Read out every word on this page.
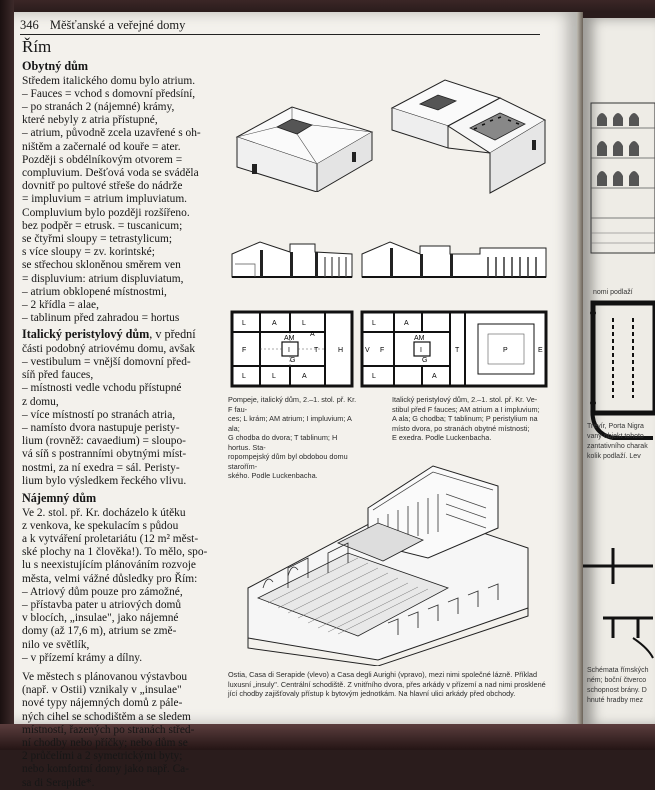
nomi podlaží
Trevír, Porta Nigra
vaný objekt tohoto
zantativního charak
kolik podlaží. Lev
Schémata římských
ném; boční čtverco
schopnost brány. D
hnuté hradby mez
346 Měšťanské a veřejné domy
Řím
Obytný dům
Středem italického domu bylo atrium.
– Fauces = vchod s domovní předsíní,
– po stranách 2 (nájemné) krámy,
které nebyly z atria přístupné,
– atrium, původně zcela uzavřené s oh-
ništěm a začernalé od kouře = ater.
Později s obdélníkovým otvorem =
compluvium. Dešťová voda se sváděla
dovnitř po pultové střeše do nádrže
= impluvium = atrium impluviatum.
Compluvium bylo později rozšířeno.
bez podpěr = etrusk. = tuscanicum;
se čtyřmi sloupy = tetrastylicum;
s více sloupy = zv. korintské;
se střechou skloněnou směrem ven
= displuvium: atrium displuviatum,
– atrium obklopené místnostmi,
– 2 křídla = alae,
– tablinum před zahradou = hortus
Italický peristylový dům, v přední
části podobný atriovému domu, avšak
– vestibulum = vnější domovní před-
síň před fauces,
– místnosti vedle vchodu přístupné
z domu,
– více místností po stranách atria,
– namísto dvora nastupuje peristy-
lium (rovněž: cavaedium) = sloupo-
vá síň s postranními obytnými míst-
nostmi, za ní exedra = sál. Peristy-
lium bylo výsledkem řeckého vlivu.
Nájemný dům
Ve 2. stol. př. Kr. docházelo k útěku
z venkova, ke spekulacím s půdou
a k vytváření proletariátu (12 m² měst-
ské plochy na 1 člověka!). To mělo, spo-
lu s neexistujícím plánováním rozvoje
města, velmi vážné důsledky pro Řím:
– Atriový dům pouze pro zámožné,
– přístavba pater u atriových domů
v blocích, „insulae", jako nájemné
domy (až 17,6 m), atrium se změ-
nilo ve světlík,
– v přízemí krámy a dílny.
Ve městech s plánovanou výstavbou
(např. v Ostii) vznikaly v „insulae"
nové typy nájemných domů z pále-
ných cihel se schodištěm a se sledem
místností, řazených po stranách střed-
ní chodby nebo příčky; nebo dům se
2 průčelími a 2 symetrickými byty;
nebo komfortní domy jako např. Ca-
sa di Serapide*.
L	A	L
A
AM
F	I	T	H
L
G
L	A
L	A
AM
V F	I	T	P	E
L
G
A
Pompeje, italický dům, 2.–1. stol. př. Kr. F fau-
ces; L krám; AM atrium; I impluvium; A ala;
G chodba do dvora; T tablinum; H hortus. Sta-
ropompejský dům byl obdobou domu starořím-
ského. Podle Luckenbacha.
Italický peristylový dům, 2.–1. stol. př. Kr. Ve-
stibul před F fauces; AM atrium a I impluvium;
A ala; G chodba; T tablinum; P peristylium na
místo dvora, po stranách obytné místnosti;
E exedra. Podle Luckenbacha.
Ostia, Casa di Serapide (vlevo) a Casa degli Aurighi (vpravo), mezi nimi společné lázně. Příklad
luxusní „insuly". Centrální schodiště. Z vnitřního dvora, přes arkády v přízemí a nad nimi prosklené
jící chodby zajišťovaly přístup k bytovým jednotkám. Na hlavní ulici arkády před obchody.
